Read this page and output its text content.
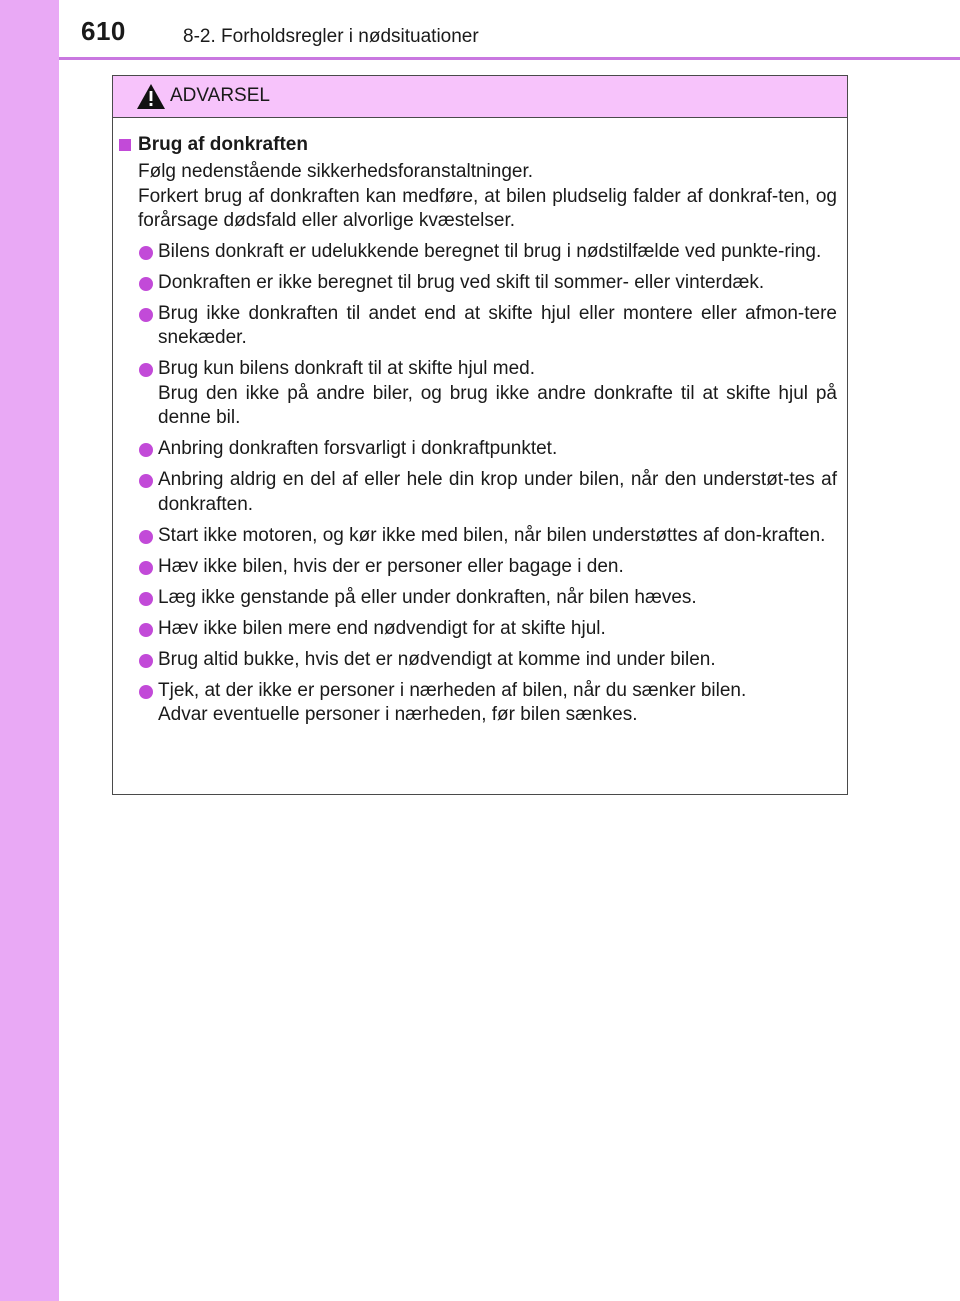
610	8-2. Forholdsregler i nødsituationer
ADVARSEL
Brug af donkraften

Følg nedenstående sikkerhedsforanstaltninger.

Forkert brug af donkraften kan medføre, at bilen pludselig falder af donkraf-ten, og forårsage dødsfald eller alvorlige kvæstelser.

Bilens donkraft er udelukkende beregnet til brug i nødstilfælde ved punkte-ring.
Donkraften er ikke beregnet til brug ved skift til sommer- eller vinterdæk.
Brug ikke donkraften til andet end at skifte hjul eller montere eller afmon-tere snekæder.
Brug kun bilens donkraft til at skifte hjul med.
Brug den ikke på andre biler, og brug ikke andre donkrafte til at skifte hjul på denne bil.
Anbring donkraften forsvarligt i donkraftpunktet.
Anbring aldrig en del af eller hele din krop under bilen, når den understøt-tes af donkraften.
Start ikke motoren, og kør ikke med bilen, når bilen understøttes af don-kraften.
Hæv ikke bilen, hvis der er personer eller bagage i den.
Læg ikke genstande på eller under donkraften, når bilen hæves.
Hæv ikke bilen mere end nødvendigt for at skifte hjul.
Brug altid bukke, hvis det er nødvendigt at komme ind under bilen.
Tjek, at der ikke er personer i nærheden af bilen, når du sænker bilen.
Advar eventuelle personer i nærheden, før bilen sænkes.
